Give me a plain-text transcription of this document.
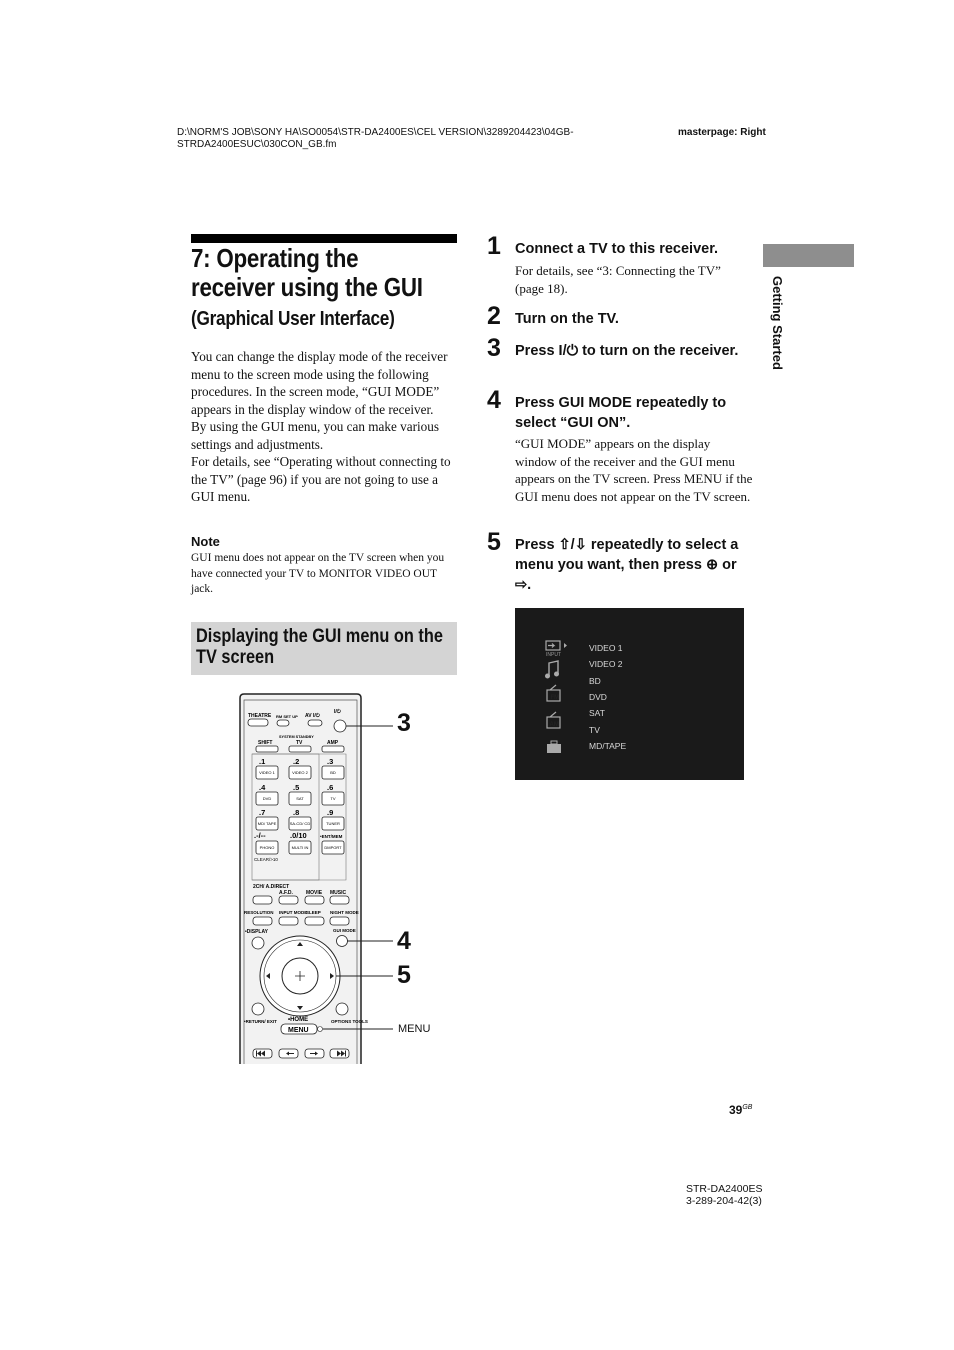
D:\NORM'S JOB\SONY HA\SO0054\STR-DA2400ES\CEL VERSION\3289204423\04GB-
STRDA2400ESUC\030CON_GB.fm
masterpage: Right
Getting Started
7: Operating the receiver using the GUI (Graphical User Interface)

You can change the display mode of the receiver menu to the screen mode using the following procedures. In the screen mode, “GUI MODE” appears in the display window of the receiver.

By using the GUI menu, you can make various settings and adjustments.

For details, see “Operating without connecting to the TV” (page 96) if you are not going to use a GUI menu.

Note
GUI menu does not appear on the TV screen when you have connected your TV to MONITOR VIDEO OUT jack.
Displaying the GUI menu on the TV screen
1 Connect a TV to this receiver.
For details, see “3: Connecting the TV” (page 18).
2 Turn on the TV.
3 Press I/⏻ to turn on the receiver.
4 Press GUI MODE repeatedly to select “GUI ON”.
“GUI MODE” appears on the display window of the receiver and the GUI menu appears on the TV screen. Press MENU if the GUI menu does not appear on the TV screen.
5 Press ⇧/⇩ repeatedly to select a menu you want, then press ⊕ or ⇨.
FM
AM
INPUT
VIDEO 1
VIDEO 2
BD
DVD
SAT
TV
MD/TAPE
THEATRE RM SET UP AV I/⏻
I/⏻
SYSTEM STANDBY
SHIFT	TV	AMP
.1	.2	.3
.4	.5	.6
.7	.8	.9
.-/--	.0/10	•ENT/MEM
VIDEO 1	VIDEO 2	BD
DVD	SAT	TV
MD/ TAPE	SA-CD/ CD	TUNER
PHONO	MULTI IN	DMPORT
CLEAR/>10
2CH/ A.DIRECT
A.F.D.	MOVIE MUSIC
RESOLUTION INPUT MODE
SLEEP NIGHT MODE
•DISPLAY	GUI MODE
•RETURN/ EXIT •HOME	OPTIONS TOOLS
MENU
3
4
5
MENU
$39^{GB}$
STR-DA2400ES
3-289-204-42(3)
